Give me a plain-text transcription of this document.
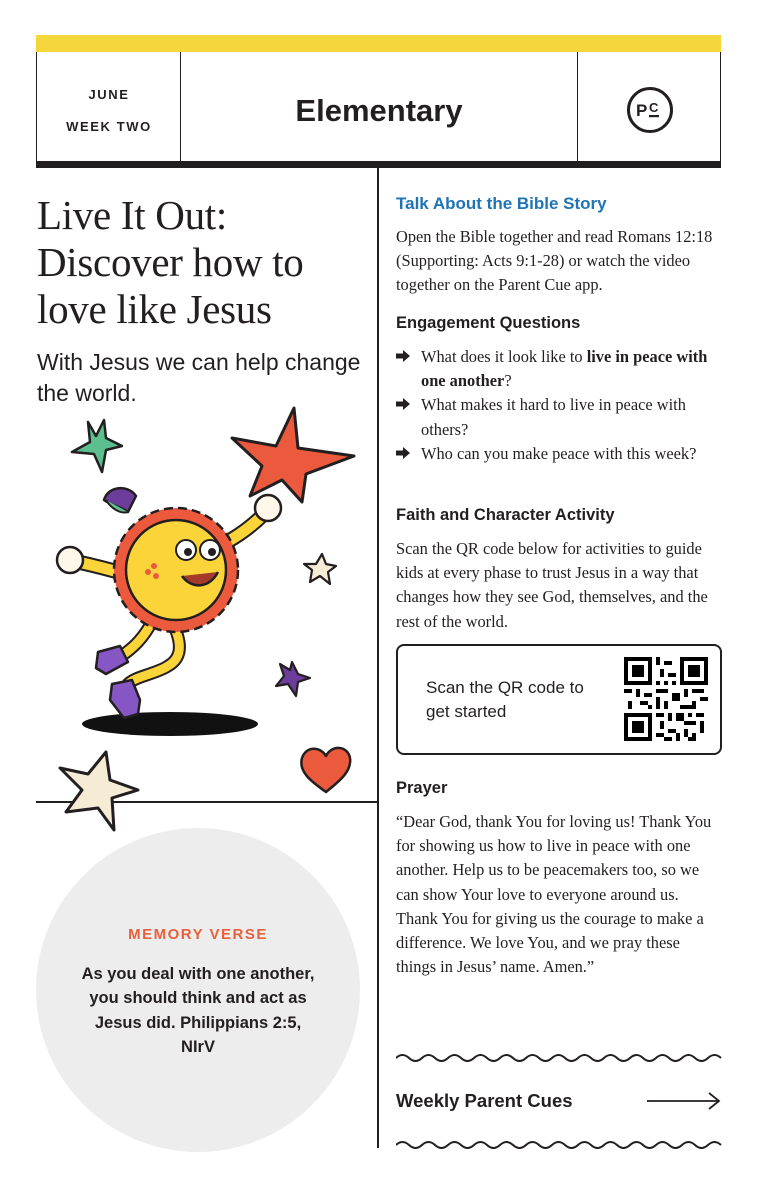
JUNE
WEEK TWO	Elementary	P C
Live It Out: Discover how to love like Jesus

With Jesus we can help change the world.

MEMORY VERSE
As you deal with one another, you should think and act as Jesus did. Philippians 2:5, NIrV
Talk About the Bible Story

Open the Bible together and read Romans 12:18 (Supporting: Acts 9:1-28) or watch the video together on the Parent Cue app.

Engagement Questions
What does it look like to live in peace with one another?
What makes it hard to live in peace with others?
Who can you make peace with this week?
Faith and Character Activity

Scan the QR code below for activities to guide kids at every phase to trust Jesus in a way that changes how they see God, themselves, and the rest of the world.

Scan the QR code to get started
Prayer

“Dear God, thank You for loving us! Thank You for showing us how to live in peace with one another. Help us to be peacemakers too, so we can show Your love to everyone around us. Thank You for giving us the courage to make a difference. We love You, and we pray these things in Jesus’ name. Amen.”

Weekly Parent Cues
